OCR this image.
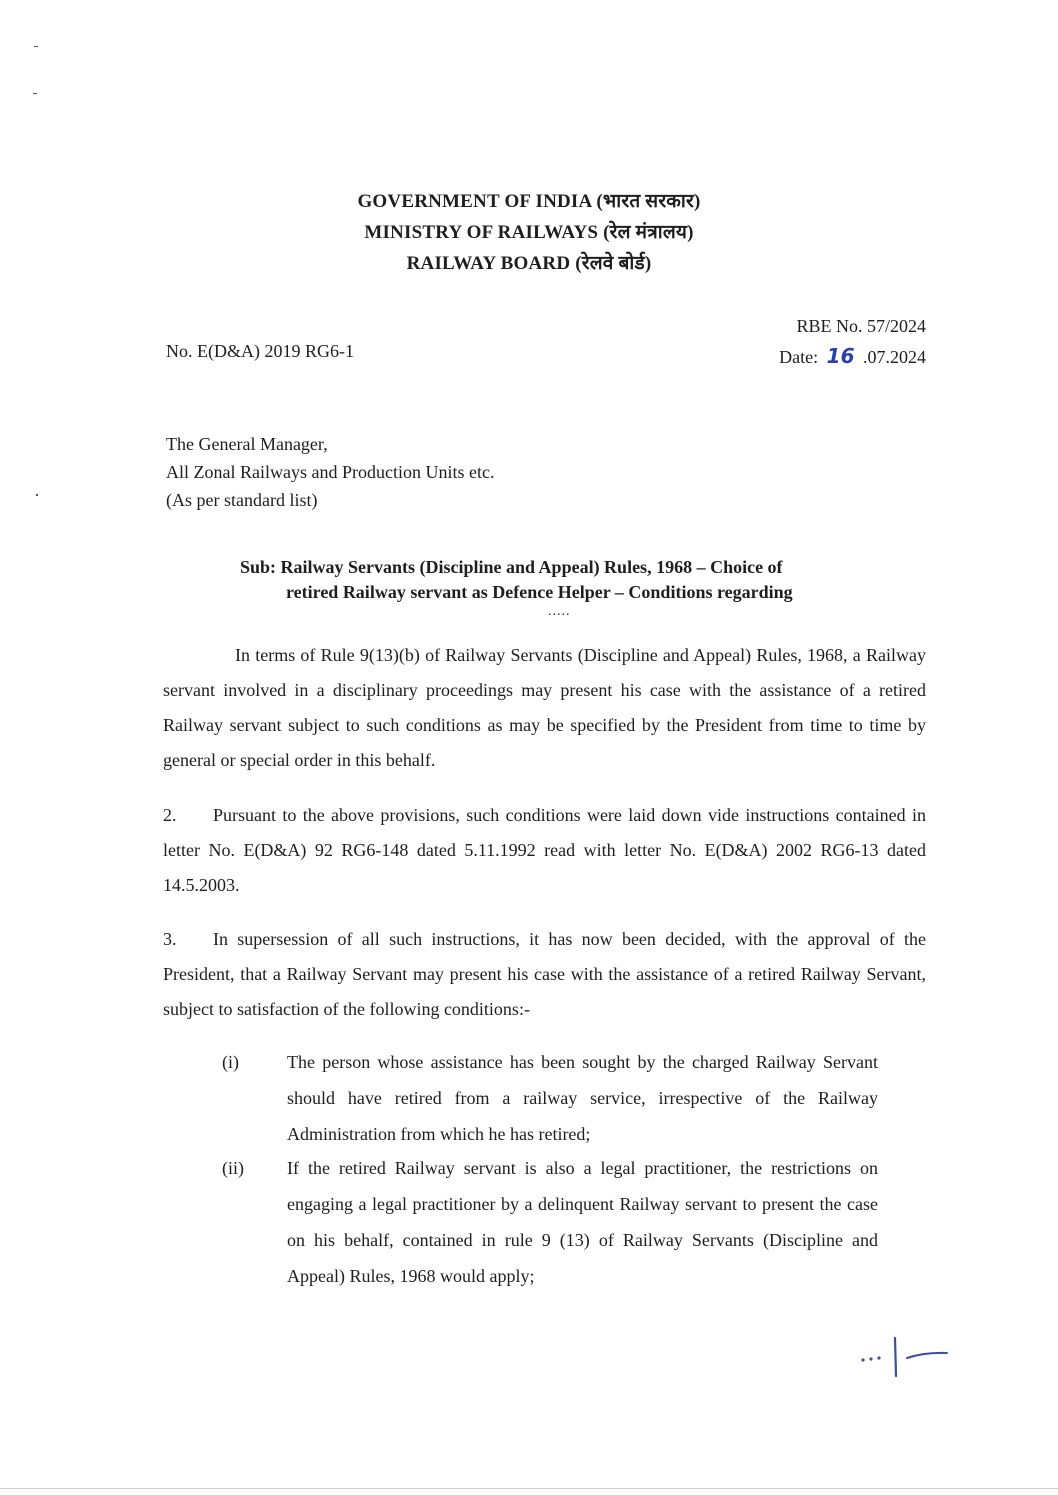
GOVERNMENT OF INDIA (भारत सरकार)
MINISTRY OF RAILWAYS (रेल मंत्रालय)
RAILWAY BOARD (रेलवे बोर्ड)
No. E(D&A) 2019 RG6-1
RBE No. 57/2024
Date: 16 .07.2024
The General Manager,
All Zonal Railways and Production Units etc.
(As per standard list)
Sub: Railway Servants (Discipline and Appeal) Rules, 1968 – Choice of
retired Railway servant as Defence Helper – Conditions regarding
.....
In terms of Rule 9(13)(b) of Railway Servants (Discipline and Appeal) Rules, 1968, a Railway servant involved in a disciplinary proceedings may present his case with the assistance of a retired Railway servant subject to such conditions as may be specified by the President from time to time by general or special order in this behalf.
2. Pursuant to the above provisions, such conditions were laid down vide instructions contained in letter No. E(D&A) 92 RG6-148 dated 5.11.1992 read with letter No. E(D&A) 2002 RG6-13 dated 14.5.2003.
3. In supersession of all such instructions, it has now been decided, with the approval of the President, that a Railway Servant may present his case with the assistance of a retired Railway Servant, subject to satisfaction of the following conditions:-
(i)	The person whose assistance has been sought by the charged Railway Servant should have retired from a railway service, irrespective of the Railway Administration from which he has retired;
(ii)	If the retired Railway servant is also a legal practitioner, the restrictions on engaging a legal practitioner by a delinquent Railway servant to present the case on his behalf, contained in rule 9 (13) of Railway Servants (Discipline and Appeal) Rules, 1968 would apply;
...|—
